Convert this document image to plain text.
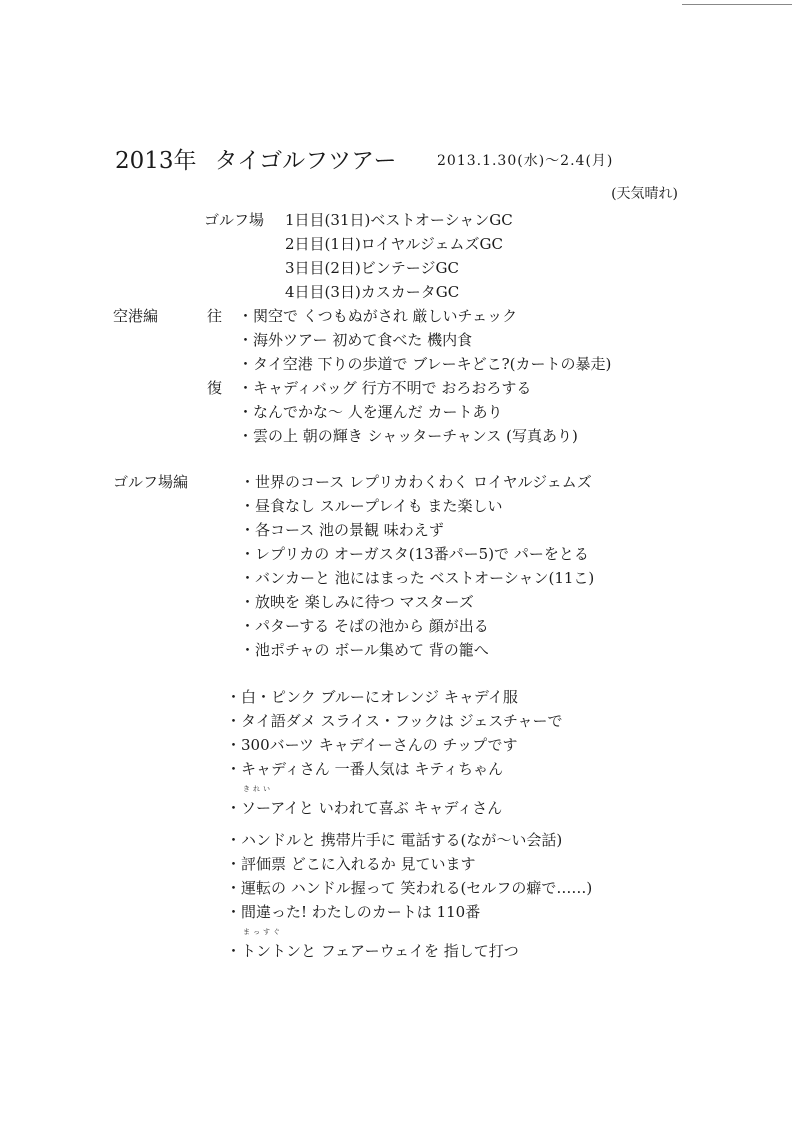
2013年 タイゴルフツアー	2013.1.30(水)〜2.4(月)
(天気晴れ)
ゴルフ場 1日目(31日)ベストオーシャンGC
2日目(1日)ロイヤルジェムズGC
3日目(2日)ビンテージGC
4日目(3日)カスカータGC
空港編	往 ・関空で くつもぬがされ 厳しいチェック
・海外ツアー 初めて食べた 機内食
・タイ空港 下りの歩道で ブレーキどこ?(カートの暴走)
復 ・キャディバッグ 行方不明で おろおろする
・なんでかな〜 人を運んだ カートあり
・雲の上 朝の輝き シャッターチャンス (写真あり)
ゴルフ場編	・世界のコース レプリカわくわく ロイヤルジェムズ
・昼食なし スループレイも また楽しい
・各コース 池の景観 味わえず
・レプリカの オーガスタ(13番パー5)で パーをとる
・バンカーと 池にはまった ベストオーシャン(11こ)
・放映を 楽しみに待つ マスターズ
・パターする そばの池から 顔が出る
・池ポチャの ボール集めて 背の籠へ
・白・ピンク ブルーにオレンジ キャデイ服
・タイ語ダメ スライス・フックは ジェスチャーで
・300バーツ キャデイーさんの チップです
・キャディさん 一番人気は キティちゃん
・
きれい
ソーアイと いわれて喜ぶ キャディさん
・ハンドルと 携帯片手に 電話する(なが〜い会話)
・評価票 どこに入れるか 見ています
・運転の ハンドル握って 笑われる(セルフの癖で……)
・間違った! わたしのカートは 110番
・
まっすぐ
トントンと フェアーウェイを 指して打つ
